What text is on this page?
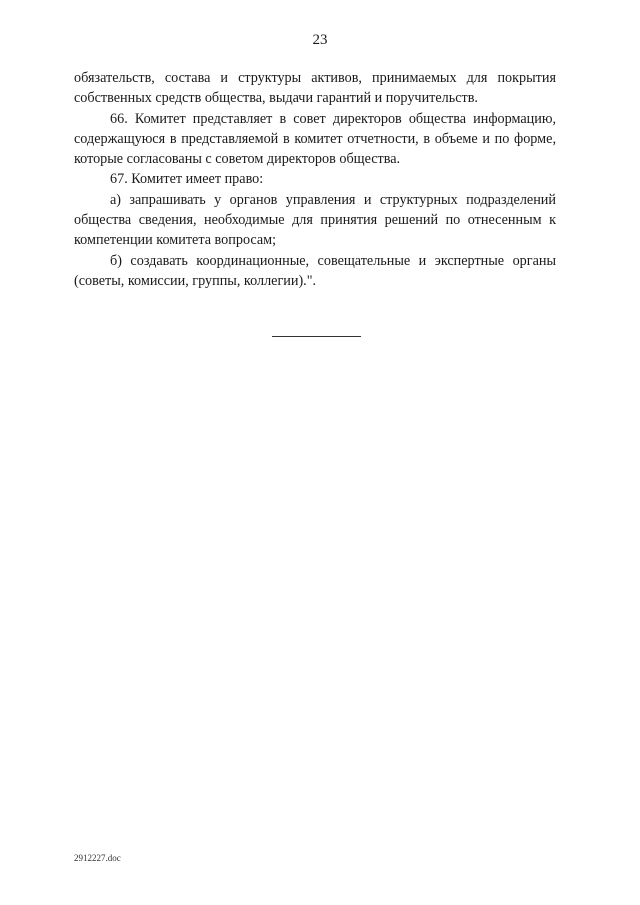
23

обязательств, состава и структуры активов, принимаемых для покрытия собственных средств общества, выдачи гарантий и поручительств.

66. Комитет представляет в совет директоров общества информацию, содержащуюся в представляемой в комитет отчетности, в объеме и по форме, которые согласованы с советом директоров общества.

67. Комитет имеет право:

а) запрашивать у органов управления и структурных подразделений общества сведения, необходимые для принятия решений по отнесенным к компетенции комитета вопросам;

б) создавать координационные, совещательные и экспертные органы (советы, комиссии, группы, коллегии).".

2912227.doc
